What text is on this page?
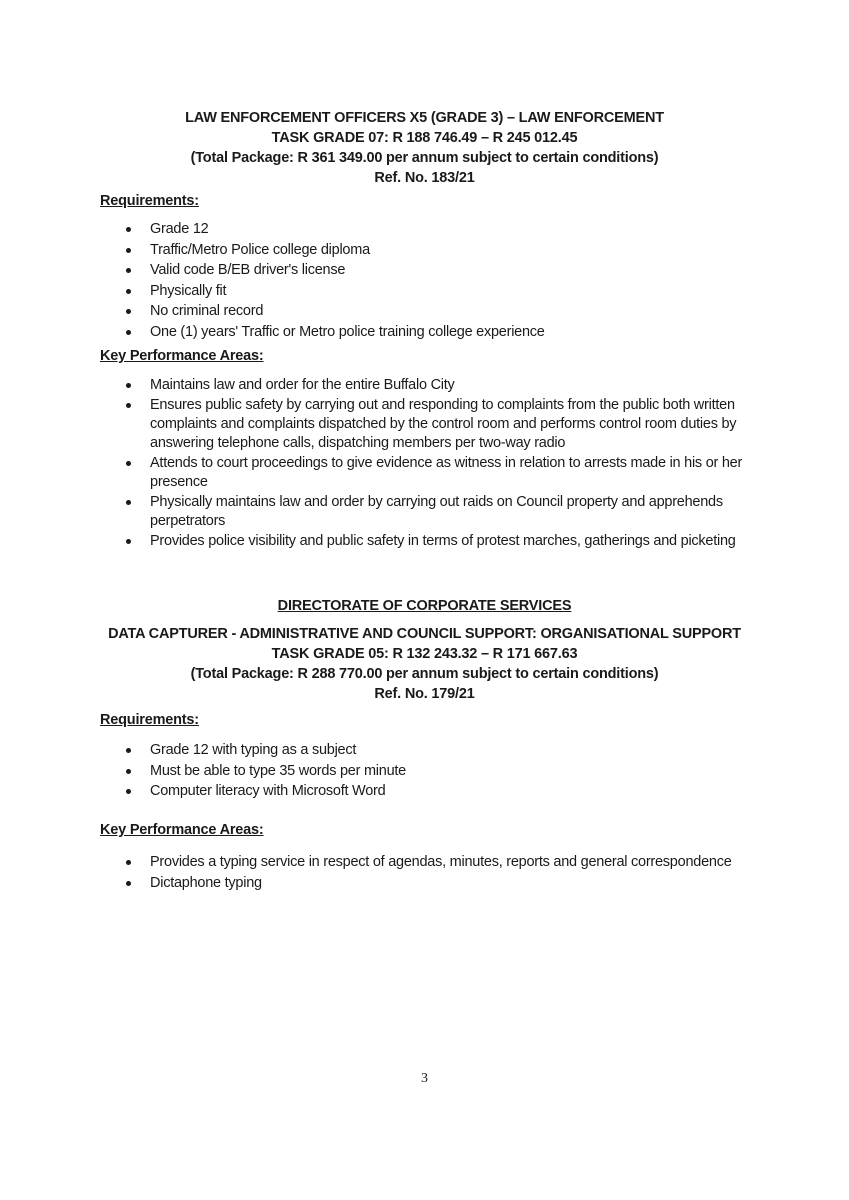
LAW ENFORCEMENT OFFICERS X5 (GRADE 3) – LAW ENFORCEMENT
TASK GRADE 07: R 188 746.49 – R 245 012.45
(Total Package: R 361 349.00 per annum subject to certain conditions)
Ref. No. 183/21
Requirements:
Grade 12
Traffic/Metro Police college diploma
Valid code B/EB driver's license
Physically fit
No criminal record
One (1) years' Traffic or Metro police training college experience
Key Performance Areas:
Maintains law and order for the entire Buffalo City
Ensures public safety by carrying out and responding to complaints from the public both written complaints and complaints dispatched by the control room and performs control room duties by answering telephone calls, dispatching members per two-way radio
Attends to court proceedings to give evidence as witness in relation to arrests made in his or her presence
Physically maintains law and order by carrying out raids on Council property and apprehends perpetrators
Provides police visibility and public safety in terms of protest marches, gatherings and picketing
DIRECTORATE OF CORPORATE SERVICES
DATA CAPTURER - ADMINISTRATIVE AND COUNCIL SUPPORT: ORGANISATIONAL SUPPORT
TASK GRADE 05: R 132 243.32 – R 171 667.63
(Total Package: R 288 770.00 per annum subject to certain conditions)
Ref. No. 179/21
Requirements:
Grade 12 with typing as a subject
Must be able to type 35 words per minute
Computer literacy with Microsoft Word
Key Performance Areas:
Provides a typing service in respect of agendas, minutes, reports and general correspondence
Dictaphone typing
3
